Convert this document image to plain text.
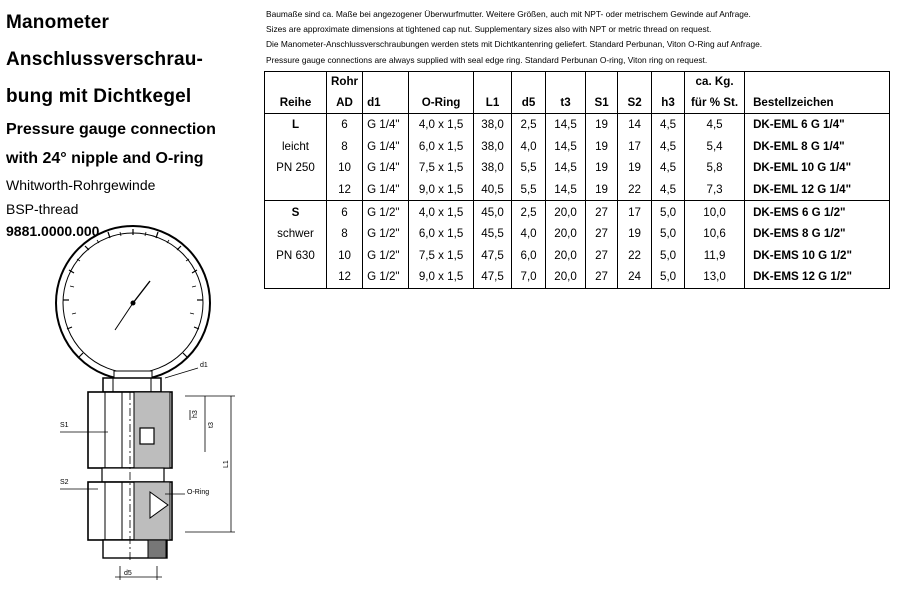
d1
S1
S2
O-Ring
d5
h3
t3
L1
Manometer
Anschlussverschrau-
bung mit Dichtkegel
Pressure gauge connection
with 24° nipple and O-ring
Whitworth-Rohrgewinde
BSP-thread
9881.0000.000
Baumaße sind ca. Maße bei angezogener Überwurfmutter. Weitere Größen, auch mit NPT- oder metrischem Gewinde auf Anfrage.
Sizes are approximate dimensions at tightened cap nut. Supplementary sizes also with NPT or metric thread on request.
Die Manometer-Anschlussverschraubungen werden stets mit Dichtkantenring geliefert. Standard Perbunan, Viton O-Ring auf Anfrage.
Pressure gauge connections are always supplied with seal edge ring. Standard Perbunan O-ring, Viton ring on request.
	Rohr									ca. Kg.	
Reihe	AD	d1	O-Ring	L1	d5	t3	S1	S2	h3	für % St.	Bestellzeichen
L	6	G 1/4"	4,0 x 1,5	38,0	2,5	14,5	19	14	4,5	4,5	DK-EML 6 G 1/4"
leicht	8	G 1/4"	6,0 x 1,5	38,0	4,0	14,5	19	17	4,5	5,4	DK-EML 8 G 1/4"
PN 250	10	G 1/4"	7,5 x 1,5	38,0	5,5	14,5	19	19	4,5	5,8	DK-EML 10 G 1/4"
	12	G 1/4"	9,0 x 1,5	40,5	5,5	14,5	19	22	4,5	7,3	DK-EML 12 G 1/4"
S	6	G 1/2"	4,0 x 1,5	45,0	2,5	20,0	27	17	5,0	10,0	DK-EMS 6 G 1/2"
schwer	8	G 1/2"	6,0 x 1,5	45,5	4,0	20,0	27	19	5,0	10,6	DK-EMS 8 G 1/2"
PN 630	10	G 1/2"	7,5 x 1,5	47,5	6,0	20,0	27	22	5,0	11,9	DK-EMS 10 G 1/2"
	12	G 1/2"	9,0 x 1,5	47,5	7,0	20,0	27	24	5,0	13,0	DK-EMS 12 G 1/2"
